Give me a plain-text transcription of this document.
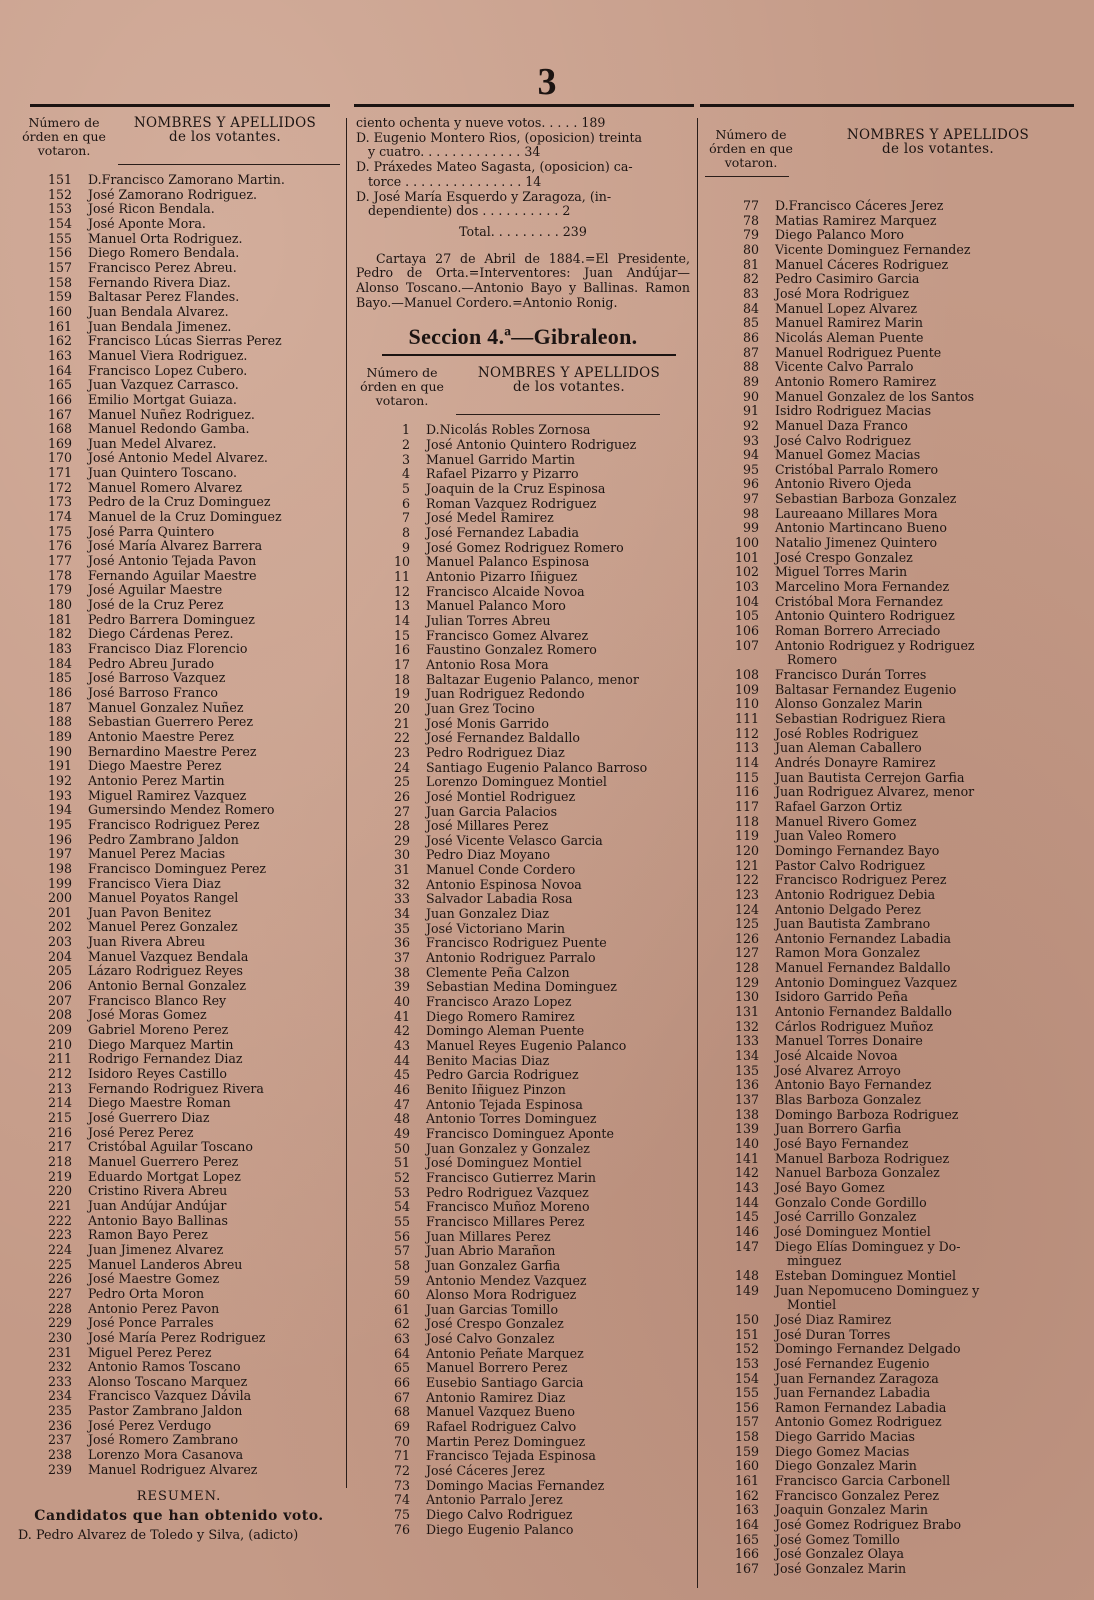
3
Número de
órden en que
votaron.
NOMBRES Y APELLIDOS
de los votantes.
151	D.Francisco Zamorano Martin.
152	José Zamorano Rodriguez.
153	José Ricon Bendala.
154	José Aponte Mora.
155	Manuel Orta Rodriguez.
156	Diego Romero Bendala.
157	Francisco Perez Abreu.
158	Fernando Rivera Diaz.
159	Baltasar Perez Flandes.
160	Juan Bendala Alvarez.
161	Juan Bendala Jimenez.
162	Francisco Lúcas Sierras Perez
163	Manuel Viera Rodriguez.
164	Francisco Lopez Cubero.
165	Juan Vazquez Carrasco.
166	Emilio Mortgat Guiaza.
167	Manuel Nuñez Rodriguez.
168	Manuel Redondo Gamba.
169	Juan Medel Alvarez.
170	José Antonio Medel Alvarez.
171	Juan Quintero Toscano.
172	Manuel Romero Alvarez
173	Pedro de la Cruz Dominguez
174	Manuel de la Cruz Dominguez
175	José Parra Quintero
176	José María Alvarez Barrera
177	José Antonio Tejada Pavon
178	Fernando Aguilar Maestre
179	José Aguilar Maestre
180	José de la Cruz Perez
181	Pedro Barrera Dominguez
182	Diego Cárdenas Perez.
183	Francisco Diaz Florencio
184	Pedro Abreu Jurado
185	José Barroso Vazquez
186	José Barroso Franco
187	Manuel Gonzalez Nuñez
188	Sebastian Guerrero Perez
189	Antonio Maestre Perez
190	Bernardino Maestre Perez
191	Diego Maestre Perez
192	Antonio Perez Martin
193	Miguel Ramirez Vazquez
194	Gumersindo Mendez Romero
195	Francisco Rodriguez Perez
196	Pedro Zambrano Jaldon
197	Manuel Perez Macias
198	Francisco Dominguez Perez
199	Francisco Viera Diaz
200	Manuel Poyatos Rangel
201	Juan Pavon Benitez
202	Manuel Perez Gonzalez
203	Juan Rivera Abreu
204	Manuel Vazquez Bendala
205	Lázaro Rodriguez Reyes
206	Antonio Bernal Gonzalez
207	Francisco Blanco Rey
208	José Moras Gomez
209	Gabriel Moreno Perez
210	Diego Marquez Martin
211	Rodrigo Fernandez Diaz
212	Isidoro Reyes Castillo
213	Fernando Rodriguez Rivera
214	Diego Maestre Roman
215	José Guerrero Diaz
216	José Perez Perez
217	Cristóbal Aguilar Toscano
218	Manuel Guerrero Perez
219	Eduardo Mortgat Lopez
220	Cristino Rivera Abreu
221	Juan Andújar Andújar
222	Antonio Bayo Ballinas
223	Ramon Bayo Perez
224	Juan Jimenez Alvarez
225	Manuel Landeros Abreu
226	José Maestre Gomez
227	Pedro Orta Moron
228	Antonio Perez Pavon
229	José Ponce Parrales
230	José María Perez Rodriguez
231	Miguel Perez Perez
232	Antonio Ramos Toscano
233	Alonso Toscano Marquez
234	Francisco Vazquez Dávila
235	Pastor Zambrano Jaldon
236	José Perez Verdugo
237	José Romero Zambrano
238	Lorenzo Mora Casanova
239	Manuel Rodriguez Alvarez
RESUMEN.
Candidatos que han obtenido voto.
D. Pedro Alvarez de Toledo y Silva, (adicto)

ciento ochenta y nueve votos. . . . . 189

D. Eugenio Montero Rios, (oposicion) treinta

y cuatro. . . . . . . . . . . . . 34

D. Práxedes Mateo Sagasta, (oposicion) ca-

torce . . . . . . . . . . . . . . . 14

D. José María Esquerdo y Zaragoza, (in-

dependiente) dos . . . . . . . . . . 2

Total. . . . . . . . . 239

Cartaya 27 de Abril de 1884.=El Presidente, Pedro de Orta.=Interventores: Juan Andújar—Alonso Toscano.—Antonio Bayo y Ballinas. Ramon Bayo.—Manuel Cordero.=Antonio Ronig.

Seccion 4.ª—Gibraleon.
Número de
órden en que
votaron.
NOMBRES Y APELLIDOS
de los votantes.
1	D.Nicolás Robles Zornosa
2	José Antonio Quintero Rodriguez
3	Manuel Garrido Martin
4	Rafael Pizarro y Pizarro
5	Joaquin de la Cruz Espinosa
6	Roman Vazquez Rodriguez
7	José Medel Ramirez
8	José Fernandez Labadia
9	José Gomez Rodriguez Romero
10	Manuel Palanco Espinosa
11	Antonio Pizarro Iñiguez
12	Francisco Alcaide Novoa
13	Manuel Palanco Moro
14	Julian Torres Abreu
15	Francisco Gomez Alvarez
16	Faustino Gonzalez Romero
17	Antonio Rosa Mora
18	Baltazar Eugenio Palanco, menor
19	Juan Rodriguez Redondo
20	Juan Grez Tocino
21	José Monis Garrido
22	José Fernandez Baldallo
23	Pedro Rodriguez Diaz
24	Santiago Eugenio Palanco Barroso
25	Lorenzo Dominguez Montiel
26	José Montiel Rodriguez
27	Juan Garcia Palacios
28	José Millares Perez
29	José Vicente Velasco Garcia
30	Pedro Diaz Moyano
31	Manuel Conde Cordero
32	Antonio Espinosa Novoa
33	Salvador Labadia Rosa
34	Juan Gonzalez Diaz
35	José Victoriano Marin
36	Francisco Rodriguez Puente
37	Antonio Rodriguez Parralo
38	Clemente Peña Calzon
39	Sebastian Medina Dominguez
40	Francisco Arazo Lopez
41	Diego Romero Ramirez
42	Domingo Aleman Puente
43	Manuel Reyes Eugenio Palanco
44	Benito Macias Diaz
45	Pedro Garcia Rodriguez
46	Benito Iñiguez Pinzon
47	Antonio Tejada Espinosa
48	Antonio Torres Dominguez
49	Francisco Dominguez Aponte
50	Juan Gonzalez y Gonzalez
51	José Dominguez Montiel
52	Francisco Gutierrez Marin
53	Pedro Rodriguez Vazquez
54	Francisco Muñoz Moreno
55	Francisco Millares Perez
56	Juan Millares Perez
57	Juan Abrio Marañon
58	Juan Gonzalez Garfia
59	Antonio Mendez Vazquez
60	Alonso Mora Rodriguez
61	Juan Garcias Tomillo
62	José Crespo Gonzalez
63	José Calvo Gonzalez
64	Antonio Peñate Marquez
65	Manuel Borrero Perez
66	Eusebio Santiago Garcia
67	Antonio Ramirez Diaz
68	Manuel Vazquez Bueno
69	Rafael Rodriguez Calvo
70	Martin Perez Dominguez
71	Francisco Tejada Espinosa
72	José Cáceres Jerez
73	Domingo Macias Fernandez
74	Antonio Parralo Jerez
75	Diego Calvo Rodriguez
76	Diego Eugenio Palanco
Número de
órden en que
votaron.
NOMBRES Y APELLIDOS
de los votantes.
77	D.Francisco Cáceres Jerez
78	Matias Ramirez Marquez
79	Diego Palanco Moro
80	Vicente Dominguez Fernandez
81	Manuel Cáceres Rodriguez
82	Pedro Casimiro Garcia
83	José Mora Rodriguez
84	Manuel Lopez Alvarez
85	Manuel Ramirez Marin
86	Nicolás Aleman Puente
87	Manuel Rodriguez Puente
88	Vicente Calvo Parralo
89	Antonio Romero Ramirez
90	Manuel Gonzalez de los Santos
91	Isidro Rodriguez Macias
92	Manuel Daza Franco
93	José Calvo Rodriguez
94	Manuel Gomez Macias
95	Cristóbal Parralo Romero
96	Antonio Rivero Ojeda
97	Sebastian Barboza Gonzalez
98	Laureaano Millares Mora
99	Antonio Martincano Bueno
100	Natalio Jimenez Quintero
101	José Crespo Gonzalez
102	Miguel Torres Marin
103	Marcelino Mora Fernandez
104	Cristóbal Mora Fernandez
105	Antonio Quintero Rodriguez
106	Roman Borrero Arreciado
107	Antonio Rodriguez y Rodriguez
Romero
108	Francisco Durán Torres
109	Baltasar Fernandez Eugenio
110	Alonso Gonzalez Marin
111	Sebastian Rodriguez Riera
112	José Robles Rodriguez
113	Juan Aleman Caballero
114	Andrés Donayre Ramirez
115	Juan Bautista Cerrejon Garfia
116	Juan Rodriguez Alvarez, menor
117	Rafael Garzon Ortiz
118	Manuel Rivero Gomez
119	Juan Valeo Romero
120	Domingo Fernandez Bayo
121	Pastor Calvo Rodriguez
122	Francisco Rodriguez Perez
123	Antonio Rodriguez Debia
124	Antonio Delgado Perez
125	Juan Bautista Zambrano
126	Antonio Fernandez Labadia
127	Ramon Mora Gonzalez
128	Manuel Fernandez Baldallo
129	Antonio Dominguez Vazquez
130	Isidoro Garrido Peña
131	Antonio Fernandez Baldallo
132	Cárlos Rodriguez Muñoz
133	Manuel Torres Donaire
134	José Alcaide Novoa
135	José Alvarez Arroyo
136	Antonio Bayo Fernandez
137	Blas Barboza Gonzalez
138	Domingo Barboza Rodriguez
139	Juan Borrero Garfia
140	José Bayo Fernandez
141	Manuel Barboza Rodriguez
142	Nanuel Barboza Gonzalez
143	José Bayo Gomez
144	Gonzalo Conde Gordillo
145	José Carrillo Gonzalez
146	José Dominguez Montiel
147	Diego Elías Dominguez y Do-
minguez
148	Esteban Dominguez Montiel
149	Juan Nepomuceno Dominguez y
Montiel
150	José Diaz Ramirez
151	José Duran Torres
152	Domingo Fernandez Delgado
153	José Fernandez Eugenio
154	Juan Fernandez Zaragoza
155	Juan Fernandez Labadia
156	Ramon Fernandez Labadia
157	Antonio Gomez Rodriguez
158	Diego Garrido Macias
159	Diego Gomez Macias
160	Diego Gonzalez Marin
161	Francisco Garcia Carbonell
162	Francisco Gonzalez Perez
163	Joaquin Gonzalez Marin
164	José Gomez Rodriguez Brabo
165	José Gomez Tomillo
166	José Gonzalez Olaya
167	José Gonzalez Marin
